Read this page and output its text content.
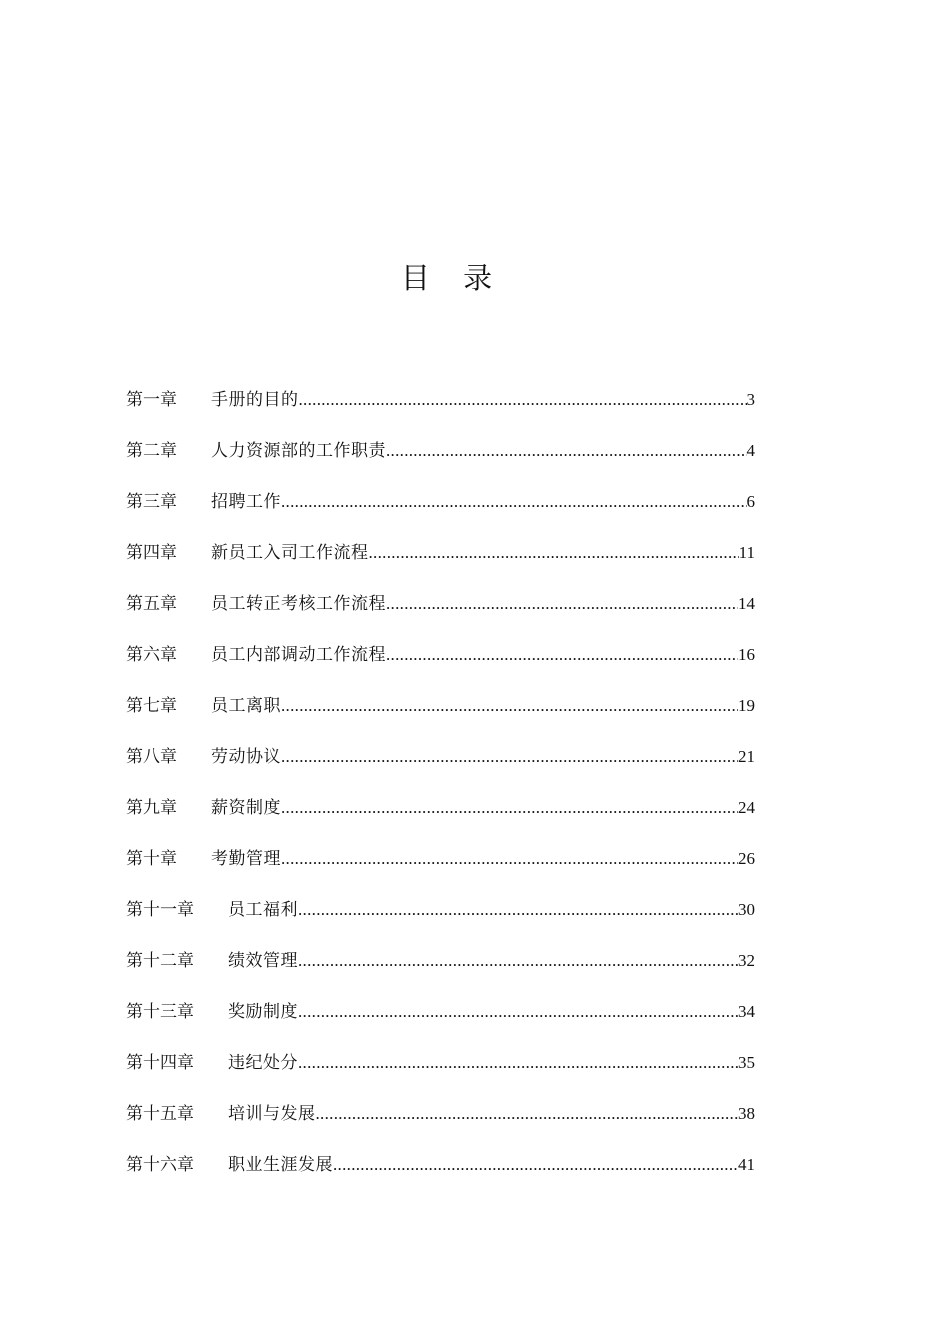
目 录
第一章	手册的目的 .....	3
第二章	人力资源部的工作职责 .....	4
第三章	招聘工作 .....	6
第四章	新员工入司工作流程 .....	11
第五章	员工转正考核工作流程 .....	14
第六章	员工内部调动工作流程 .....	16
第七章	员工离职 .....	19
第八章	劳动协议 .....	21
第九章	薪资制度 .....	24
第十章	考勤管理 .....	26
第十一章	员工福利 .....	30
第十二章	绩效管理 .....	32
第十三章	奖励制度 .....	34
第十四章	违纪处分 .....	35
第十五章	培训与发展 .....	38
第十六章	职业生涯发展 .....	41
